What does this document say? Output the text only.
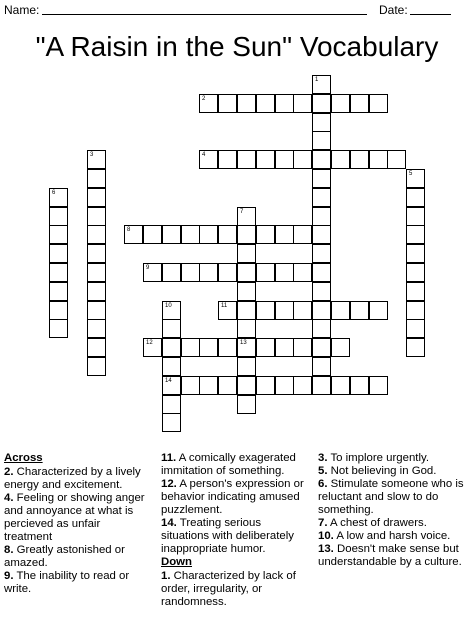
Name:	Date:
"A Raisin in the Sun" Vocabulary
1
2
3	4
5
6
7
13
8
9
10
14
11
12
Across
2. Characterized by a lively energy and excitement.
4. Feeling or showing anger and annoyance at what is percieved as unfair treatment
8. Greatly astonished or amazed.
9. The inability to read or write.
11. A comically exagerated immitation of something.
12. A person's expression or behavior indicating amused puzzlement.
14. Treating serious situations with deliberately inappropriate humor.
Down
1. Characterized by lack of order, irregularity, or randomness.
3. To implore urgently.
5. Not believing in God.
6. Stimulate someone who is reluctant and slow to do something.
7. A chest of drawers.
10. A low and harsh voice.
13. Doesn't make sense but understandable by a culture.
